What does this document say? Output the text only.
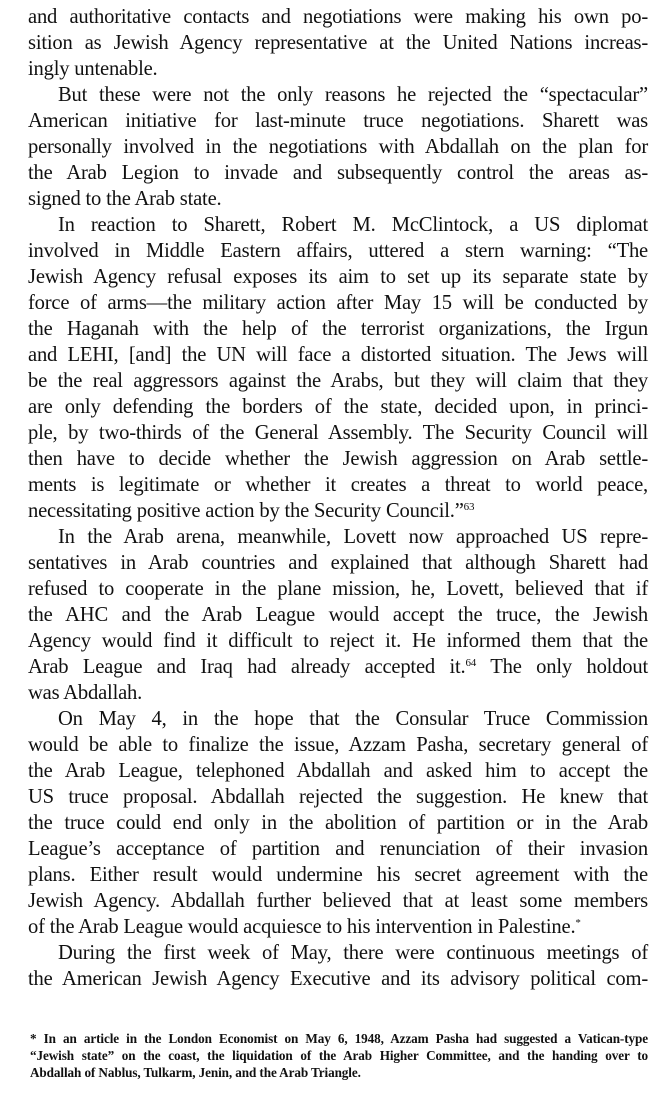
and authoritative contacts and negotiations were making his own po-
sition as Jewish Agency representative at the United Nations increas-
ingly untenable.
But these were not the only reasons he rejected the “spectacular”
American initiative for last-minute truce negotiations. Sharett was
personally involved in the negotiations with Abdallah on the plan for
the Arab Legion to invade and subsequently control the areas as-
signed to the Arab state.
In reaction to Sharett, Robert M. McClintock, a US diplomat
involved in Middle Eastern affairs, uttered a stern warning: “The
Jewish Agency refusal exposes its aim to set up its separate state by
force of arms—the military action after May 15 will be conducted by
the Haganah with the help of the terrorist organizations, the Irgun
and LEHI, [and] the UN will face a distorted situation. The Jews will
be the real aggressors against the Arabs, but they will claim that they
are only defending the borders of the state, decided upon, in princi-
ple, by two-thirds of the General Assembly. The Security Council will
then have to decide whether the Jewish aggression on Arab settle-
ments is legitimate or whether it creates a threat to world peace,
necessitating positive action by the Security Council.”$^{63}$
In the Arab arena, meanwhile, Lovett now approached US repre-
sentatives in Arab countries and explained that although Sharett had
refused to cooperate in the plane mission, he, Lovett, believed that if
the AHC and the Arab League would accept the truce, the Jewish
Agency would find it difficult to reject it. He informed them that the
Arab League and Iraq had already accepted it.$^{64}$ The only holdout
was Abdallah.
On May 4, in the hope that the Consular Truce Commission
would be able to finalize the issue, Azzam Pasha, secretary general of
the Arab League, telephoned Abdallah and asked him to accept the
US truce proposal. Abdallah rejected the suggestion. He knew that
the truce could end only in the abolition of partition or in the Arab
League’s acceptance of partition and renunciation of their invasion
plans. Either result would undermine his secret agreement with the
Jewish Agency. Abdallah further believed that at least some members
of the Arab League would acquiesce to his intervention in Palestine.*
During the first week of May, there were continuous meetings of
the American Jewish Agency Executive and its advisory political com-
* In an article in the London Economist on May 6, 1948, Azzam Pasha had suggested a Vatican-type
“Jewish state” on the coast, the liquidation of the Arab Higher Committee, and the handing over to
Abdallah of Nablus, Tulkarm, Jenin, and the Arab Triangle.
